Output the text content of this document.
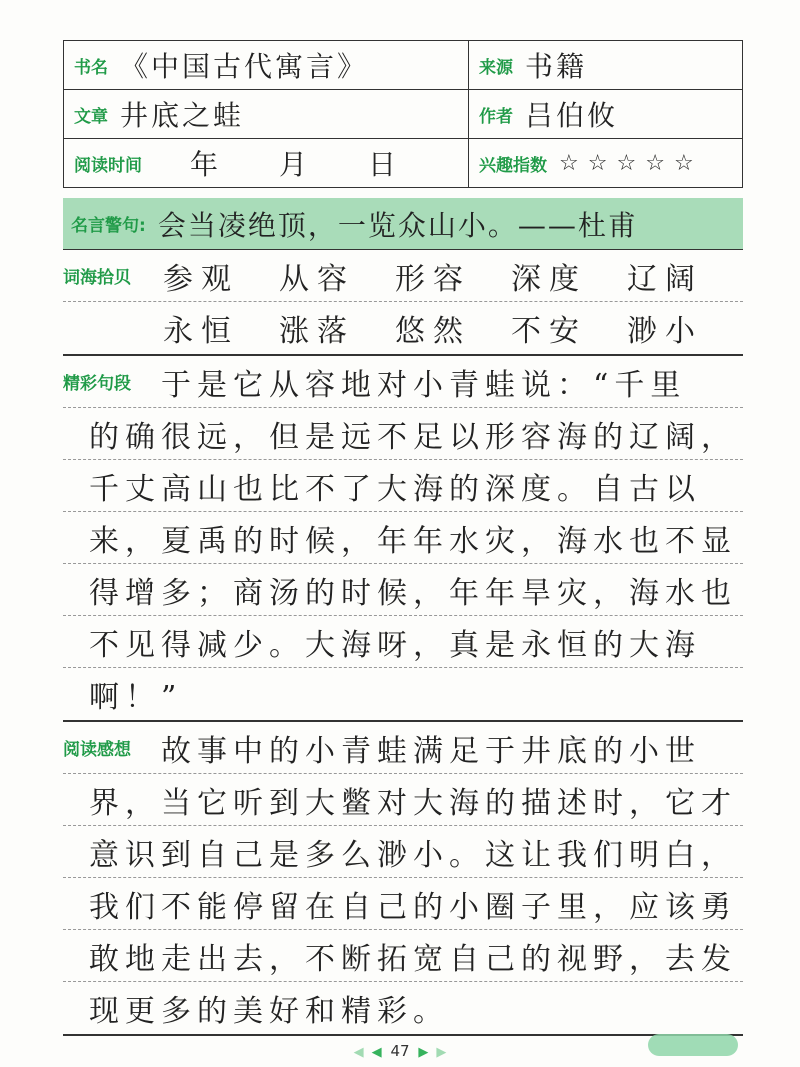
书名 《中国古代寓言》	来源 书籍
文章 井底之蛙	作者 吕伯攸
阅读时间 年 月 日	兴趣指数 ☆ ☆ ☆ ☆ ☆
名言警句: 会当凌绝顶，一览众山小。——杜甫
词海拾贝 参观 从容 形容 深度 辽阔
永恒 涨落 悠然 不安 渺小
精彩句段 于是它从容地对小青蛙说：“千里
的确很远，但是远不足以形容海的辽阔，
千丈高山也比不了大海的深度。自古以
来，夏禹的时候，年年水灾，海水也不显
得增多；商汤的时候，年年旱灾，海水也
不见得减少。大海呀，真是永恒的大海
啊！”
阅读感想 故事中的小青蛙满足于井底的小世
界，当它听到大鳖对大海的描述时，它才
意识到自己是多么渺小。这让我们明白，
我们不能停留在自己的小圈子里，应该勇
敢地走出去，不断拓宽自己的视野，去发
现更多的美好和精彩。
◀ ◀ 47 ▶ ▶
